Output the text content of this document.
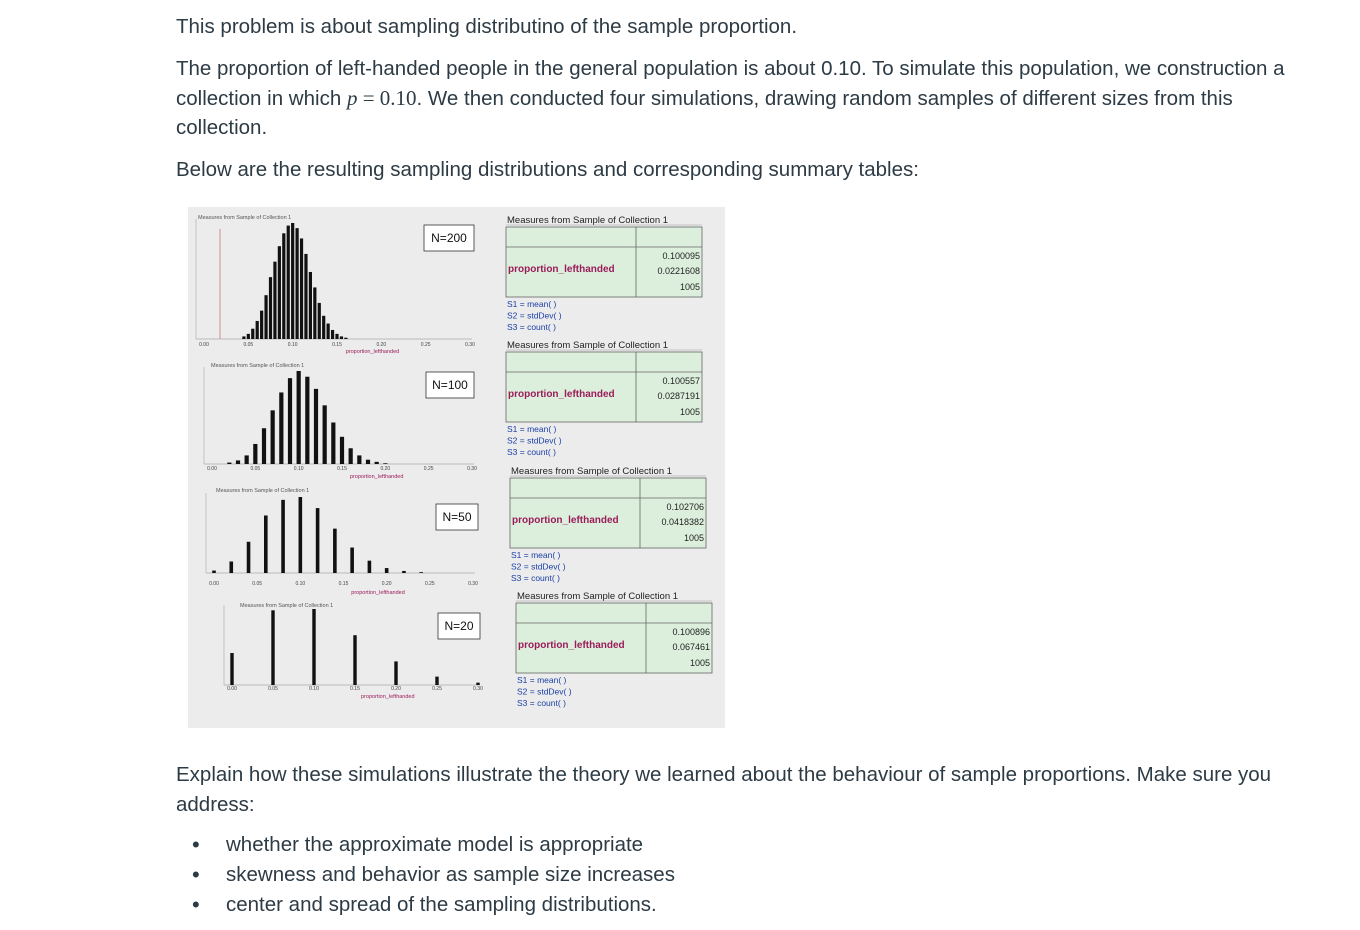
This problem is about sampling distributino of the sample proportion.

The proportion of left-handed people in the general population is about 0.10. To simulate this population, we construction a collection in which p = 0.10. We then conducted four simulations, drawing random samples of different sizes from this collection.

Below are the resulting sampling distributions and corresponding summary tables:

Measures from Sample of Collection 1
0.00	0.05	0.10	0.15	0.20	0.25	0.30
proportion_lefthanded
N=200
Measures from Sample of Collection 1
0.00	0.05	0.10	0.15	0.20	0.25	0.30
proportion_lefthanded
N=100
Measures from Sample of Collection 1
0.00	0.05	0.10	0.15	0.20	0.25	0.30
proportion_lefthanded
N=50
Measures from Sample of Collection 1
0.00	0.05	0.10	0.15	0.20	0.25	0.30
proportion_lefthanded
N=20
Measures from Sample of Collection 1
proportion_lefthanded
0.100095
0.0221608
1005
S1 = mean( )
S2 = stdDev( )
S3 = count( )
Measures from Sample of Collection 1
proportion_lefthanded
0.100557
0.0287191
1005
S1 = mean( )
S2 = stdDev( )
S3 = count( )
Measures from Sample of Collection 1
proportion_lefthanded
0.102706
0.0418382
1005
S1 = mean( )
S2 = stdDev( )
S3 = count( )
Measures from Sample of Collection 1
proportion_lefthanded
0.100896
0.067461
1005
S1 = mean( )
S2 = stdDev( )
S3 = count( )

Explain how these simulations illustrate the theory we learned about the behaviour of sample proportions. Make sure you address:

• whether the approximate model is appropriate
• skewness and behavior as sample size increases
• center and spread of the sampling distributions.
